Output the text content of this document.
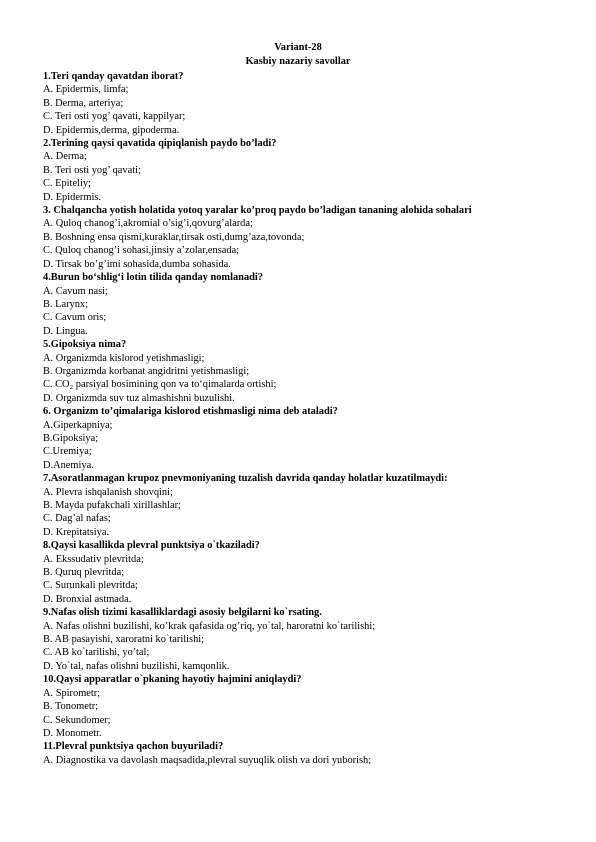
Variant-28
Kasbiy nazariy savollar
1.Teri qanday qavatdan iborat?
A. Epidermis, limfa;
B. Derma, arteriya;
C. Teri osti yog’ qavati, kappilyar;
D. Epidermis,derma, gipoderma.
2.Terining qaysi qavatida qipiqlanish paydo bo’ladi?
A. Derma;
B. Teri osti yog’ qavati;
C. Epiteliy;
D. Epidermis.
3. Chalqancha yotish holatida yotoq yaralar ko’proq paydo bo’ladigan tananing alohida sohalari
A. Quloq chanog’i,akromial o’sig’i,qovurg’alarda;
B. Boshning ensa qismi,kuraklar,tirsak osti,dumg’aza,tovonda;
C. Quloq chanog’i sohasi,jinsiy a’zolar,ensada;
D. Tirsak bo’g’imi sohasida,dumba sohasida.
4.Burun bo‘shlig‘i lotin tilida qanday nomlanadi?
A. Cavum nasi;
B. Larynx;
C. Cavum oris;
D. Lingua.
5.Gipoksiya nima?
A. Organizmda kislorod yetishmasligi;
B. Organizmda korbanat angidritni yetishmasligi;
C. CO₂ parsiyal bosimining qon va to‘qimalarda ortishi;
D. Organizmda suv tuz almashishni buzulishi.
6. Organizm to’qimalariga kislorod etishmasligi nima deb ataladi?
A.Giperkapniya;
B.Gipoksiya;
C.Uremiya;
D.Anemiya.
7.Asoratlanmagan krupoz pnevmoniyaning tuzalish davrida qanday holatlar kuzatilmaydi:
A. Plevra ishqalanish shovqini;
B. Mayda pufakchali xirillashlar;
C. Dag’al nafas;
D. Krepitatsiya.
8.Qaysi kasallikda plevral punktsiya o`tkaziladi?
A. Ekssudativ plevritda;
B. Quruq plevritda;
C. Surunkali plevritda;
D. Bronxial astmada.
9.Nafas olish tizimi kasalliklardagi asosiy belgilarni ko`rsating.
A. Nafas olishni buzilishi, ko’krak qafasida og’riq, yo`tal, haroratni ko`tarilishi;
B. AB pasayishi, xaroratni ko`tarilishi;
C. AB ko`tarilishi, yo’tal;
D. Yo`tal, nafas olishni buzilishi, kamqonlik.
10.Qaysi apparatlar o`pkaning hayotiy hajmini aniqlaydi?
A. Spirometr;
B. Tonometr;
C. Sekundomer;
D. Monometr.
11.Plevral punktsiya qachon buyuriladi?
A. Diagnostika va davolash maqsadida,plevral suyuqlik olish va dori yuborish;
